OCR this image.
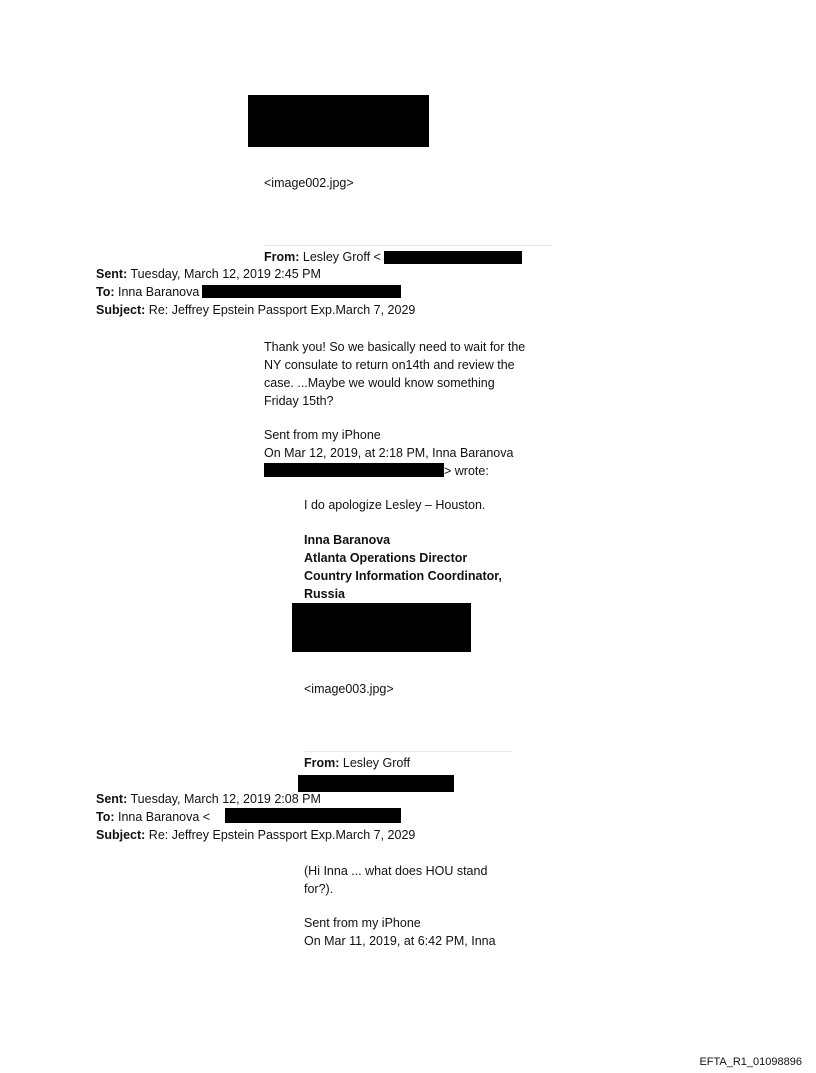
<image002.jpg>
From: Lesley Groff <
Sent: Tuesday, March 12, 2019 2:45 PM
To: Inna Baranova
Subject: Re: Jeffrey Epstein Passport Exp.March 7, 2029
Thank you! So we basically need to wait for the
NY consulate to return on14th and review the
case. ...Maybe we would know something
Friday 15th?
Sent from my iPhone
On Mar 12, 2019, at 2:18 PM, Inna Baranova
> wrote:
I do apologize Lesley – Houston.
Inna Baranova
Atlanta Operations Director
Country Information Coordinator,
Russia
<image003.jpg>
From: Lesley Groff
Sent: Tuesday, March 12, 2019 2:08 PM
To: Inna Baranova <
Subject: Re: Jeffrey Epstein Passport Exp.March 7, 2029
(Hi Inna ... what does HOU stand
for?).
Sent from my iPhone
On Mar 11, 2019, at 6:42 PM, Inna
EFTA_R1_01098896
